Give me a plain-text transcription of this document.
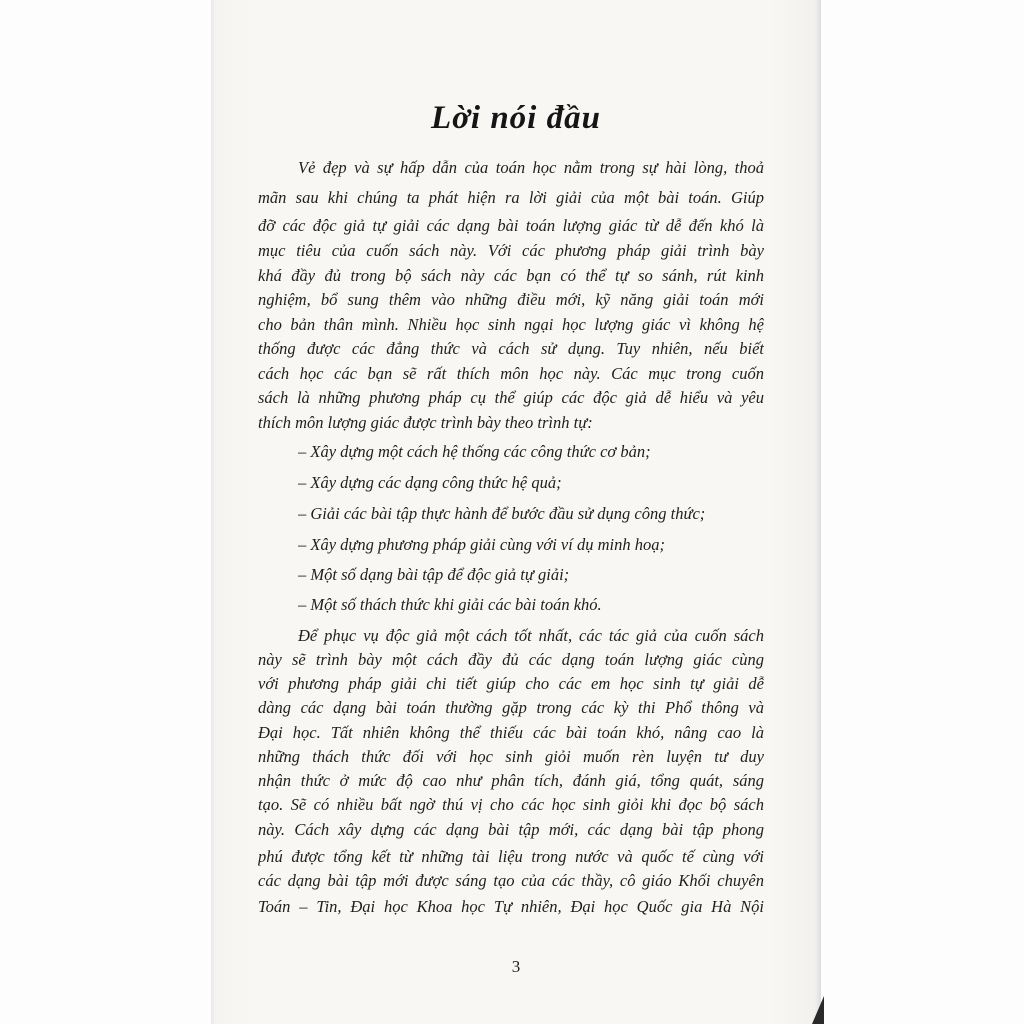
Lời nói đầu
Vẻ đẹp và sự hấp dẫn của toán học nằm trong sự hài lòng, thoả
mãn sau khi chúng ta phát hiện ra lời giải của một bài toán. Giúp
đỡ các độc giả tự giải các dạng bài toán lượng giác từ dễ đến khó là
mục tiêu của cuốn sách này. Với các phương pháp giải trình bày
khá đầy đủ trong bộ sách này các bạn có thể tự so sánh, rút kinh
nghiệm, bổ sung thêm vào những điều mới, kỹ năng giải toán mới
cho bản thân mình. Nhiều học sinh ngại học lượng giác vì không hệ
thống được các đẳng thức và cách sử dụng. Tuy nhiên, nếu biết
cách học các bạn sẽ rất thích môn học này. Các mục trong cuốn
sách là những phương pháp cụ thể giúp các độc giả dễ hiểu và yêu
thích môn lượng giác được trình bày theo trình tự:
– Xây dựng một cách hệ thống các công thức cơ bản;
– Xây dựng các dạng công thức hệ quả;
– Giải các bài tập thực hành để bước đầu sử dụng công thức;
– Xây dựng phương pháp giải cùng với ví dụ minh hoạ;
– Một số dạng bài tập để độc giả tự giải;
– Một số thách thức khi giải các bài toán khó.
Để phục vụ độc giả một cách tốt nhất, các tác giả của cuốn sách
này sẽ trình bày một cách đầy đủ các dạng toán lượng giác cùng
với phương pháp giải chi tiết giúp cho các em học sinh tự giải dễ
dàng các dạng bài toán thường gặp trong các kỳ thi Phổ thông và
Đại học. Tất nhiên không thể thiếu các bài toán khó, nâng cao là
những thách thức đối với học sinh giỏi muốn rèn luyện tư duy
nhận thức ở mức độ cao như phân tích, đánh giá, tổng quát, sáng
tạo. Sẽ có nhiều bất ngờ thú vị cho các học sinh giỏi khi đọc bộ sách
này. Cách xây dựng các dạng bài tập mới, các dạng bài tập phong
phú được tổng kết từ những tài liệu trong nước và quốc tế cùng với
các dạng bài tập mới được sáng tạo của các thầy, cô giáo Khối chuyên
Toán – Tin, Đại học Khoa học Tự nhiên, Đại học Quốc gia Hà Nội
3
